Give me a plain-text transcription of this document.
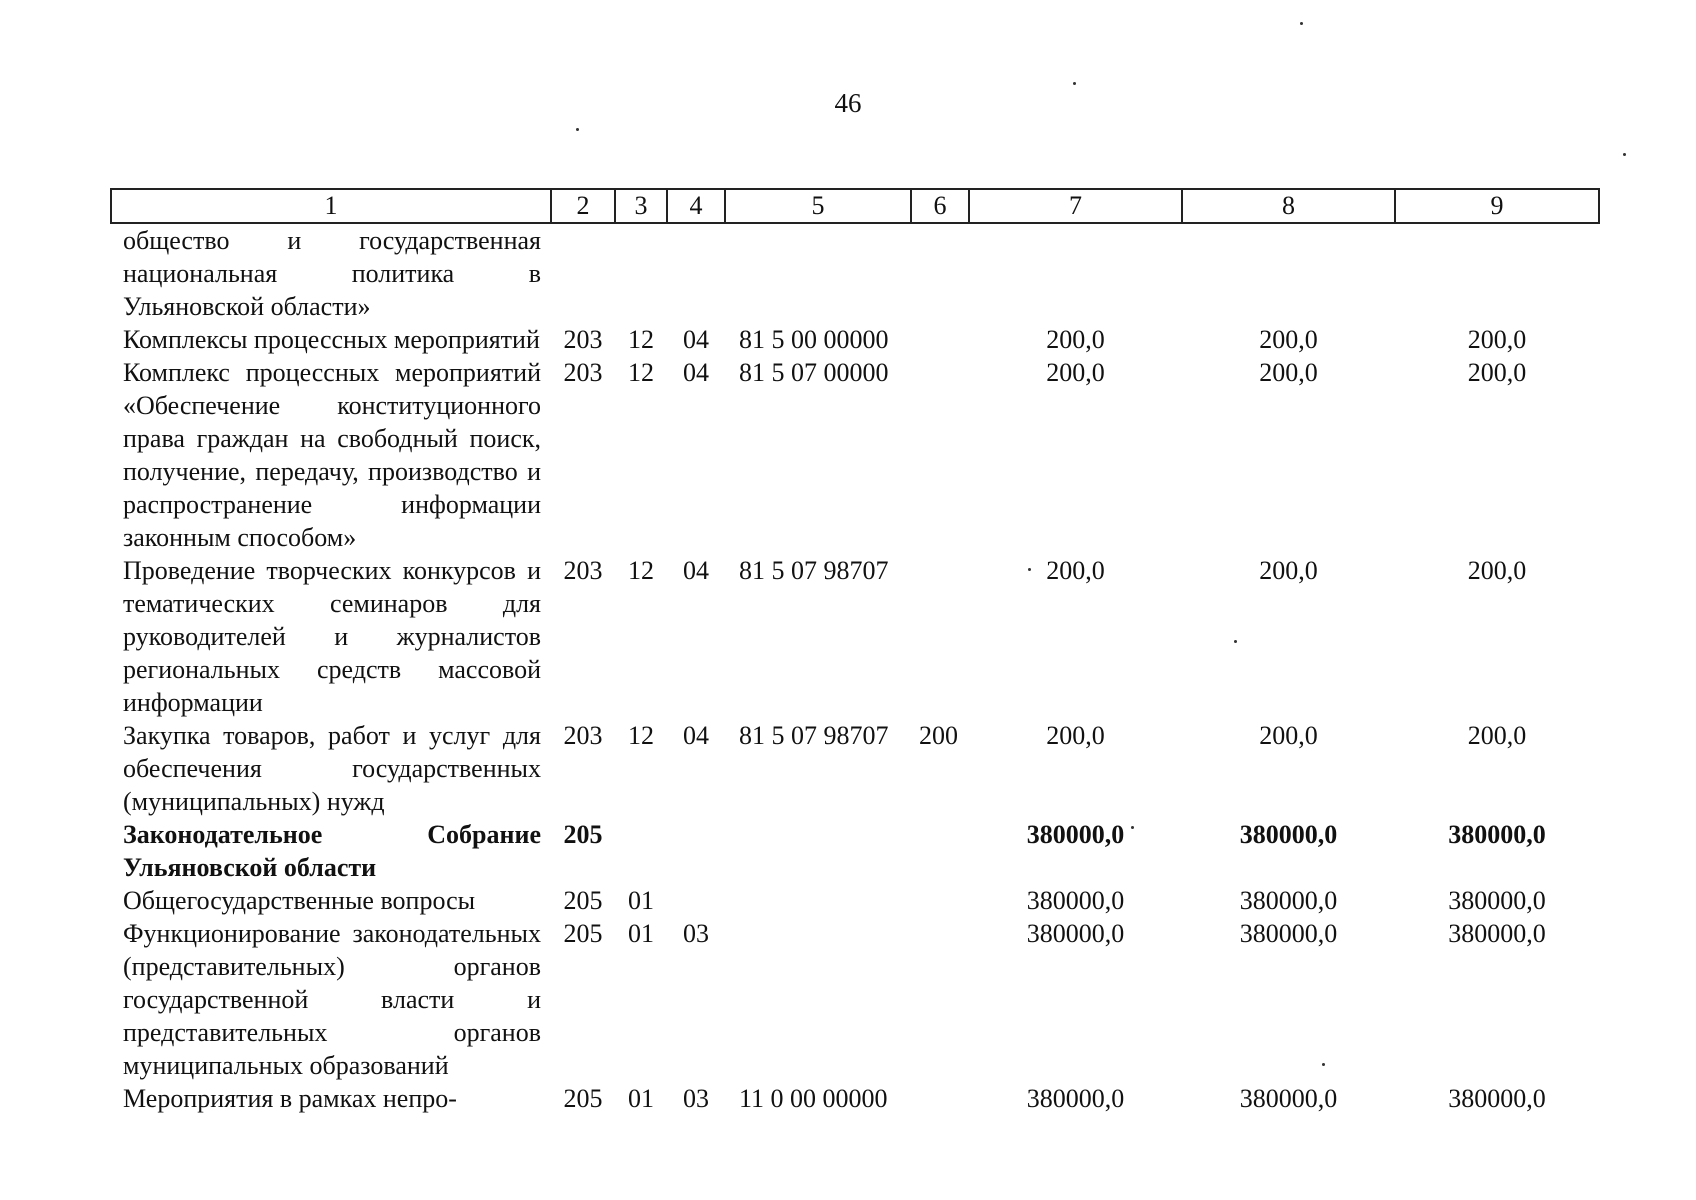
46
1	2	3	4	5	6	7	8	9
общество и государственная национальная политика в Ульяновской области»								
Комплексы процессных мероприятий	203	12	04	81 5 00 00000		200,0	200,0	200,0
Комплекс процессных мероприятий «Обеспечение конституционного права граждан на свободный поиск, получение, передачу, производство и распространение информации законным способом»	203	12	04	81 5 07 00000		200,0	200,0	200,0
Проведение творческих конкурсов и тематических семинаров для руководителей и журналистов региональных средств массовой информации	203	12	04	81 5 07 98707		200,0	200,0	200,0
Закупка товаров, работ и услуг для обеспечения государственных (муниципальных) нужд	203	12	04	81 5 07 98707	200	200,0	200,0	200,0
Законодательное Собрание Ульяновской области	205					380000,0	380000,0	380000,0
Общегосударственные вопросы	205	01				380000,0	380000,0	380000,0
Функционирование законодательных (представительных) органов государственной власти и представительных органов муниципальных образований	205	01	03			380000,0	380000,0	380000,0
Мероприятия в рамках непро-	205	01	03	11 0 00 00000		380000,0	380000,0	380000,0
